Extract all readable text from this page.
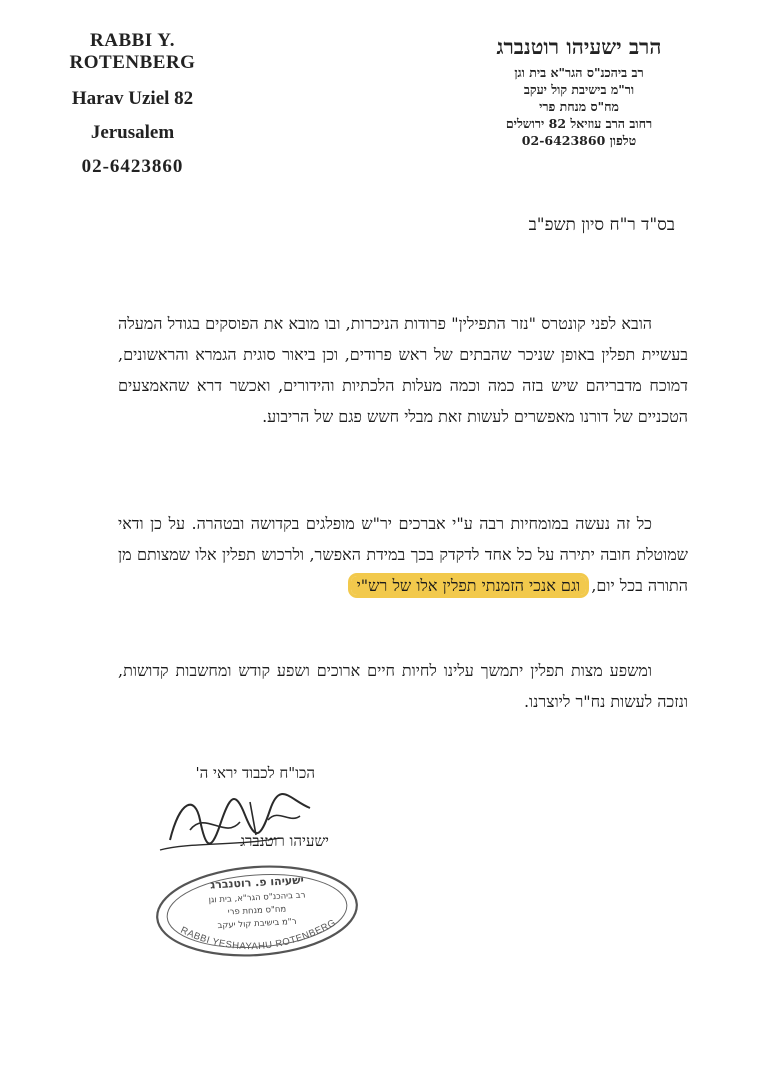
RABBI Y. ROTENBERG
Harav Uziel 82
Jerusalem
02-6423860
הרב ישעיהו רוטנברג
רב ביהכנ"ס הגר"א בית וגן
ור"מ בישיבת קול יעקב
מח"ס מנחת פרי
רחוב הרב עוזיאל 82 ירושלים
טלפון 02-6423860
בס"ד ר"ח סיון תשפ"ב
הובא לפני קונטרס "נזר התפילין" פרודות הניכרות, ובו מובא את הפוסקים בגודל המעלה בעשיית תפלין באופן שניכר שהבתים של ראש פרודים, וכן ביאור סוגית הגמרא והראשונים, דמוכח מדבריהם שיש בזה כמה וכמה מעלות הלכתיות והידורים, ואכשר דרא שהאמצעים הטכניים של דורנו מאפשרים לעשות זאת מבלי חשש פגם של הריבוע.
כל זה נעשה במומחיות רבה ע"י אברכים יר"ש מופלגים בקדושה ובטהרה. על כן ודאי שמוטלת חובה יתירה על כל אחד לדקדק בכך במידת האפשר, ולרכוש תפלין אלו שמצותם מן התורה בכל יום, וגם אנכי הזמנתי תפלין אלו של רש"י
ומשפע מצות תפלין יתמשך עלינו לחיות חיים ארוכים ושפע קודש ומחשבות קדושות, ונזכה לעשות נח"ר ליוצרנו.
הכו"ח לכבוד יראי ה'
ישעיהו רוטנברג
RABBI YESHAYAHU ROTENBERG
ישעיהו פ. רוטנברג
רב ביהכנ"ס הגר"א, בית וגן
מח"ס מנחת פרי
ר"מ בישיבת קול יעקב
